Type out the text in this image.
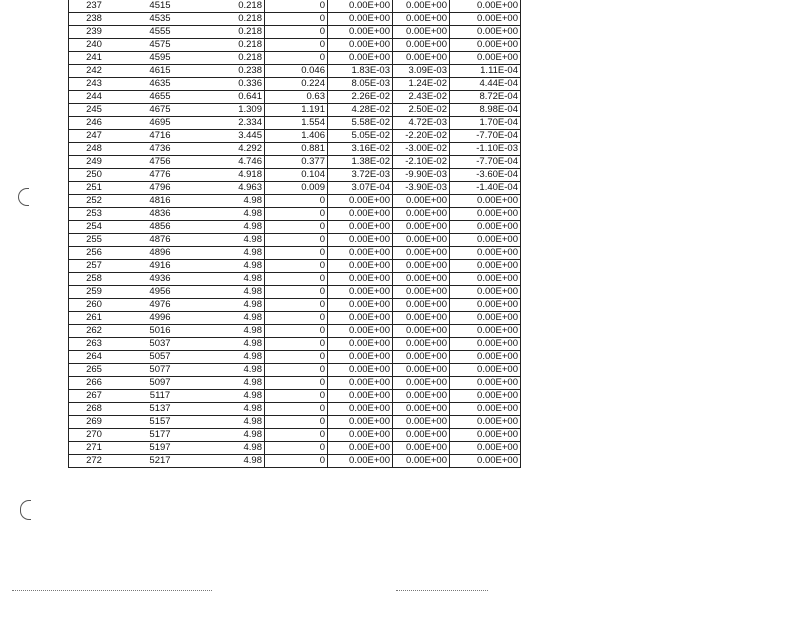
237	4515	0.218	0	0.00E+00	0.00E+00	0.00E+00
238	4535	0.218	0	0.00E+00	0.00E+00	0.00E+00
239	4555	0.218	0	0.00E+00	0.00E+00	0.00E+00
240	4575	0.218	0	0.00E+00	0.00E+00	0.00E+00
241	4595	0.218	0	0.00E+00	0.00E+00	0.00E+00
242	4615	0.238	0.046	1.83E-03	3.09E-03	1.11E-04
243	4635	0.336	0.224	8.05E-03	1.24E-02	4.44E-04
244	4655	0.641	0.63	2.26E-02	2.43E-02	8.72E-04
245	4675	1.309	1.191	4.28E-02	2.50E-02	8.98E-04
246	4695	2.334	1.554	5.58E-02	4.72E-03	1.70E-04
247	4716	3.445	1.406	5.05E-02	-2.20E-02	-7.70E-04
248	4736	4.292	0.881	3.16E-02	-3.00E-02	-1.10E-03
249	4756	4.746	0.377	1.38E-02	-2.10E-02	-7.70E-04
250	4776	4.918	0.104	3.72E-03	-9.90E-03	-3.60E-04
251	4796	4.963	0.009	3.07E-04	-3.90E-03	-1.40E-04
252	4816	4.98	0	0.00E+00	0.00E+00	0.00E+00
253	4836	4.98	0	0.00E+00	0.00E+00	0.00E+00
254	4856	4.98	0	0.00E+00	0.00E+00	0.00E+00
255	4876	4.98	0	0.00E+00	0.00E+00	0.00E+00
256	4896	4.98	0	0.00E+00	0.00E+00	0.00E+00
257	4916	4.98	0	0.00E+00	0.00E+00	0.00E+00
258	4936	4.98	0	0.00E+00	0.00E+00	0.00E+00
259	4956	4.98	0	0.00E+00	0.00E+00	0.00E+00
260	4976	4.98	0	0.00E+00	0.00E+00	0.00E+00
261	4996	4.98	0	0.00E+00	0.00E+00	0.00E+00
262	5016	4.98	0	0.00E+00	0.00E+00	0.00E+00
263	5037	4.98	0	0.00E+00	0.00E+00	0.00E+00
264	5057	4.98	0	0.00E+00	0.00E+00	0.00E+00
265	5077	4.98	0	0.00E+00	0.00E+00	0.00E+00
266	5097	4.98	0	0.00E+00	0.00E+00	0.00E+00
267	5117	4.98	0	0.00E+00	0.00E+00	0.00E+00
268	5137	4.98	0	0.00E+00	0.00E+00	0.00E+00
269	5157	4.98	0	0.00E+00	0.00E+00	0.00E+00
270	5177	4.98	0	0.00E+00	0.00E+00	0.00E+00
271	5197	4.98	0	0.00E+00	0.00E+00	0.00E+00
272	5217	4.98	0	0.00E+00	0.00E+00	0.00E+00
